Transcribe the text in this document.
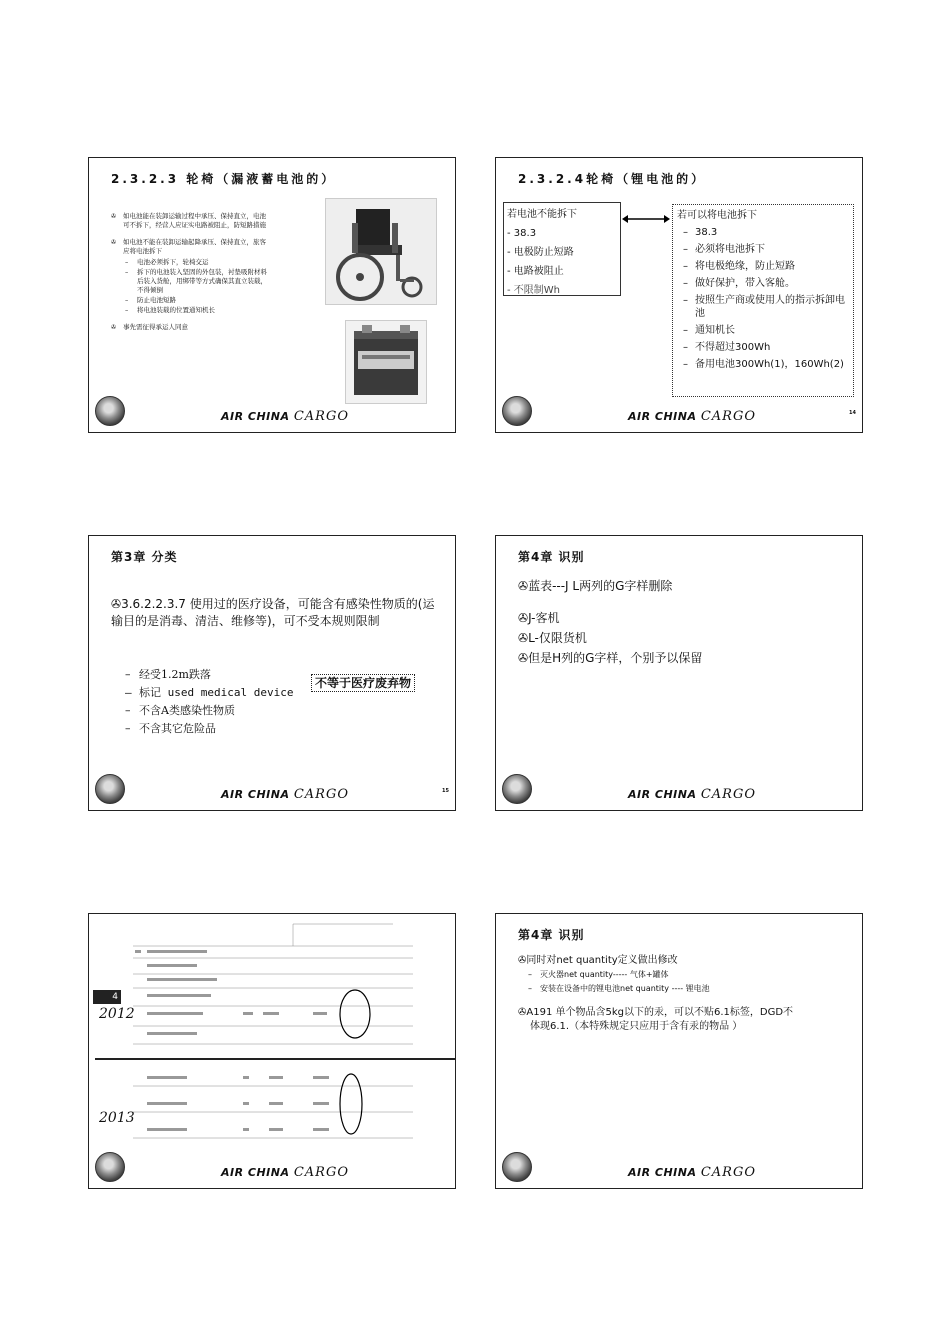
2.3.2.3 轮椅（漏液蓄电池的）

✇ 如电池能在装卸运输过程中承压、保持直立，电池可不拆下，经营人应证实电路被阻止，防短路措施

✇ 如电池不能在装卸运输起降承压、保持直立，旅客应将电池拆下

– 电池必须拆下，轮椅交运
– 拆下的电池装入坚固的外包装，衬垫吸附材料后装入货舱，用绑带等方式确保其直立装载，不得倾倒
– 防止电池短路
– 将电池装载的位置通知机长

✇ 事先需征得承运人同意

AIR CHINA CARGO
2.3.2.4轮椅（锂电池的）
若电池不能拆下
- 38.3
- 电极防止短路
- 电路被阻止
- 不限制Wh
若可以将电池拆下
– 38.3
– 必须将电池拆下
– 将电极绝缘，防止短路
– 做好保护，带入客舱。
– 按照生产商或使用人的指示拆卸电池
– 通知机长
– 不得超过300Wh
– 备用电池300Wh(1)，160Wh(2)
AIR CHINA CARGO	14
第3章 分类
✇3.6.2.2.3.7 使用过的医疗设备，可能含有感染性物质的(运输目的是消毒、清洁、维修等)，可不受本规则限制
– 经受1.2m跌落
– 标记 used medical device
– 不含A类感染性物质
– 不含其它危险品
不等于医疗废弃物
AIR CHINA CARGO	15
第4章 识别
✇蓝表---J L两列的G字样删除
✇J-客机
✇L-仅限货机
✇但是H列的G字样，个别予以保留
AIR CHINA CARGO
4
2012
2013
AIR CHINA CARGO
第4章 识别
✇同时对net quantity定义做出修改
– 灭火器net quantity----- 气体+罐体
– 安装在设备中的锂电池net quantity ---- 锂电池
✇A191 单个物品含5kg以下的汞，可以不贴6.1标签，DGD不
体现6.1.（本特殊规定只应用于含有汞的物品 ）
AIR CHINA CARGO
